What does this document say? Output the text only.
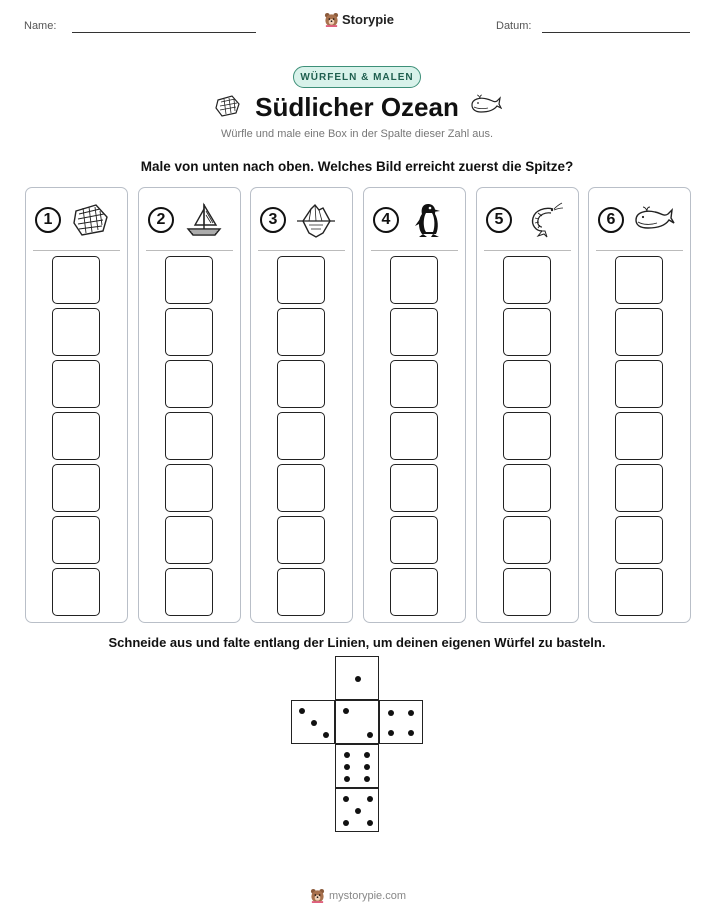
Name:	Storypie	Datum:
WÜRFELN & MALEN
Südlicher Ozean
Würfle und male eine Box in der Spalte dieser Zahl aus.
Male von unten nach oben. Welches Bild erreicht zuerst die Spitze?
1	2	3	4	5	6
Schneide aus und falte entlang der Linien, um deinen eigenen Würfel zu basteln.
mystorypie.com
